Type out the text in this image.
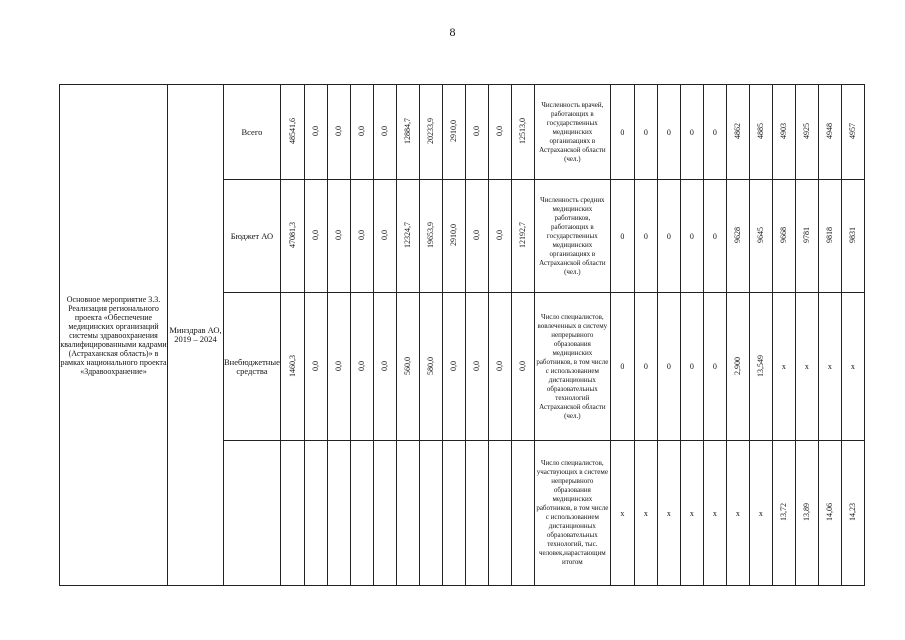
8
Основное мероприятие 3.3. Реализация регионального проекта «Обеспечение медицинских организаций системы здравоохранения квалифицированными кадрами (Астраханская область)» в рамках национального проекта «Здравоохранение»	Минздрав АО, 2019 – 2024	Всего	48541,6	0,0	0,0	0,0	0,0	12884,7	20233,9	2910,0	0,0	0,0	12513,0	Численность врачей, работающих в государственных медицинских организациях в Астраханской области (чел.)	0	0	0	0	0	4862	4885	4903	4925	4948	4957
		Бюджет АО	47081,3	0,0	0,0	0,0	0,0	12324,7	19653,9	2910,0	0,0	0,0	12192,7	Численность средних медицинских работников, работающих в государственных медицинских организациях в Астраханской области (чел.)	0	0	0	0	0	9628	9645	9668	9781	9818	9831
		Внебюджетные средства	1460,3	0,0	0,0	0,0	0,0	560,0	580,0	0,0	0,0	0,0	0,0	Число специалистов, вовлеченных в систему непрерывного образования медицинских работников, в том числе с использованием дистанционных образовательных технологий Астраханской области (чел.)	0	0	0	0	0	2,900	13,549	x	x	x	x
														Число специалистов, участвующих в системе непрерывного образования медицинских работников, в том числе с использованием дистанционных образовательных технологий, тыс. человек,нарастающим итогом	x	x	x	x	x	x	x	13,72	13,89	14,06	14,23
